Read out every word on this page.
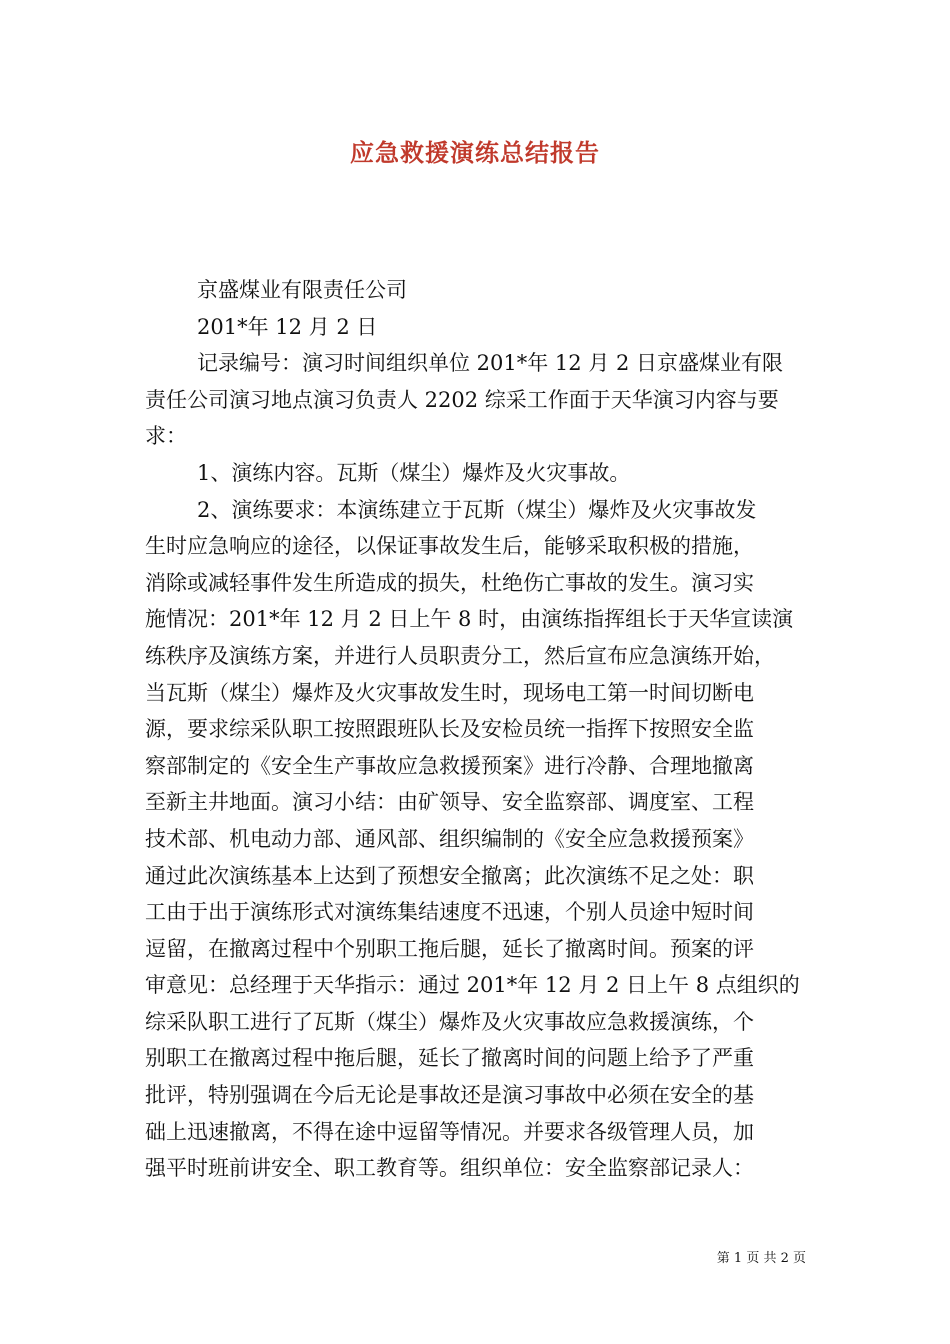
应急救援演练总结报告
京盛煤业有限责任公司
201*年 12 月 2 日
记录编号：演习时间组织单位 201*年 12 月 2 日京盛煤业有限
责任公司演习地点演习负责人 2202 综采工作面于天华演习内容与要
求：
1、演练内容。瓦斯（煤尘）爆炸及火灾事故。
2、演练要求：本演练建立于瓦斯（煤尘）爆炸及火灾事故发
生时应急响应的途径，以保证事故发生后，能够采取积极的措施，
消除或减轻事件发生所造成的损失，杜绝伤亡事故的发生。演习实
施情况：201*年 12 月 2 日上午 8 时，由演练指挥组长于天华宣读演
练秩序及演练方案，并进行人员职责分工，然后宣布应急演练开始，
当瓦斯（煤尘）爆炸及火灾事故发生时，现场电工第一时间切断电
源，要求综采队职工按照跟班队长及安检员统一指挥下按照安全监
察部制定的《安全生产事故应急救援预案》进行冷静、合理地撤离
至新主井地面。演习小结：由矿领导、安全监察部、调度室、工程
技术部、机电动力部、通风部、组织编制的《安全应急救援预案》
通过此次演练基本上达到了预想安全撤离；此次演练不足之处：职
工由于出于演练形式对演练集结速度不迅速，个别人员途中短时间
逗留，在撤离过程中个别职工拖后腿，延长了撤离时间。预案的评
审意见：总经理于天华指示：通过 201*年 12 月 2 日上午 8 点组织的
综采队职工进行了瓦斯（煤尘）爆炸及火灾事故应急救援演练，个
别职工在撤离过程中拖后腿，延长了撤离时间的问题上给予了严重
批评，特别强调在今后无论是事故还是演习事故中必须在安全的基
础上迅速撤离，不得在途中逗留等情况。并要求各级管理人员，加
强平时班前讲安全、职工教育等。组织单位：安全监察部记录人：
第 1 页 共 2 页
